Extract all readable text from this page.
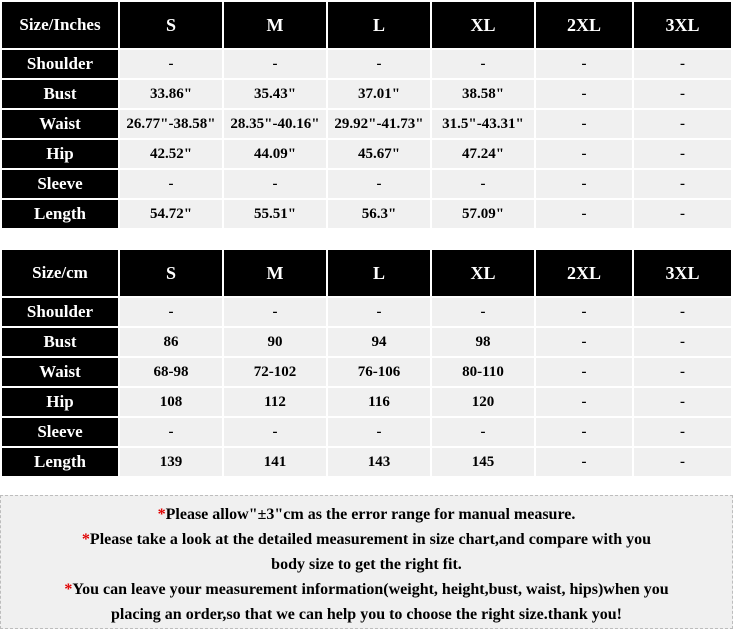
Size/Inches	S	M	L	XL	2XL	3XL
Shoulder	-	-	-	-	-	-
Bust	33.86"	35.43"	37.01"	38.58"	-	-
Waist	26.77"-38.58"	28.35"-40.16"	29.92"-41.73"	31.5"-43.31"	-	-
Hip	42.52"	44.09"	45.67"	47.24"	-	-
Sleeve	-	-	-	-	-	-
Length	54.72"	55.51"	56.3"	57.09"	-	-
Size/cm	S	M	L	XL	2XL	3XL
Shoulder	-	-	-	-	-	-
Bust	86	90	94	98	-	-
Waist	68-98	72-102	76-106	80-110	-	-
Hip	108	112	116	120	-	-
Sleeve	-	-	-	-	-	-
Length	139	141	143	145	-	-
*Please allow"±3"cm as the error range for manual measure.
*Please take a look at the detailed measurement in size chart,and compare with you
body size to get the right fit.
*You can leave your measurement information(weight, height,bust, waist, hips)when you
placing an order,so that we can help you to choose the right size.thank you!
